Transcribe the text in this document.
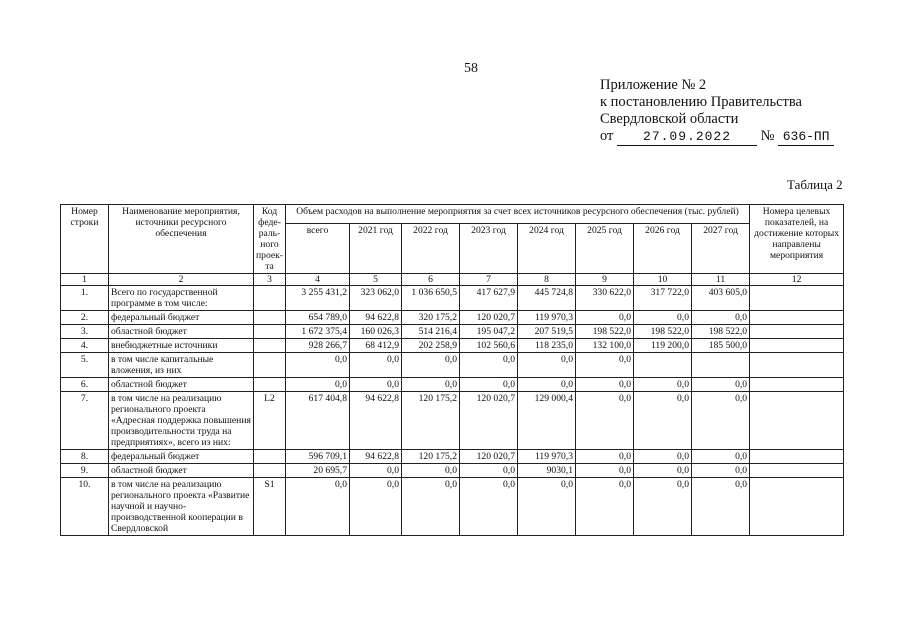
58
Приложение № 2
к постановлению Правительства
Свердловской области
от 27.09.2022 № 636-ПП
Таблица 2
Номер строки	Наименование мероприятия, источники ресурсного обеспечения	Код феде-раль-ного проек-та	Объем расходов на выполнение мероприятия за счет всех источников ресурсного обеспечения (тыс. рублей)								Номера целевых показателей, на достижение которых направлены мероприятия
			всего	2021 год	2022 год	2023 год	2024 год	2025 год	2026 год	2027 год	
1	2	3	4	5	6	7	8	9	10	11	12
1.	Всего по государственной программе в том числе:		3 255 431,2	323 062,0	1 036 650,5	417 627,9	445 724,8	330 622,0	317 722,0	403 605,0	
2.	федеральный бюджет		654 789,0	94 622,8	320 175,2	120 020,7	119 970,3	0,0	0,0	0,0	
3.	областной бюджет		1 672 375,4	160 026,3	514 216,4	195 047,2	207 519,5	198 522,0	198 522,0	198 522,0	
4.	внебюджетные источники		928 266,7	68 412,9	202 258,9	102 560,6	118 235,0	132 100,0	119 200,0	185 500,0	
5.	в том числе капитальные вложения, из них		0,0	0,0	0,0	0,0	0,0	0,0			
6.	областной бюджет		0,0	0,0	0,0	0,0	0,0	0,0	0,0	0,0	
7.	в том числе на реализацию регионального проекта «Адресная поддержка повышения производительности труда на предприятиях», всего из них:	L2	617 404,8	94 622,8	120 175,2	120 020,7	129 000,4	0,0	0,0	0,0	
8.	федеральный бюджет		596 709,1	94 622,8	120 175,2	120 020,7	119 970,3	0,0	0,0	0,0	
9.	областной бюджет		20 695,7	0,0	0,0	0,0	9030,1	0,0	0,0	0,0	
10.	в том числе на реализацию регионального проекта «Развитие научной и научно-производственной кооперации в Свердловской	S1	0,0	0,0	0,0	0,0	0,0	0,0	0,0	0,0	
